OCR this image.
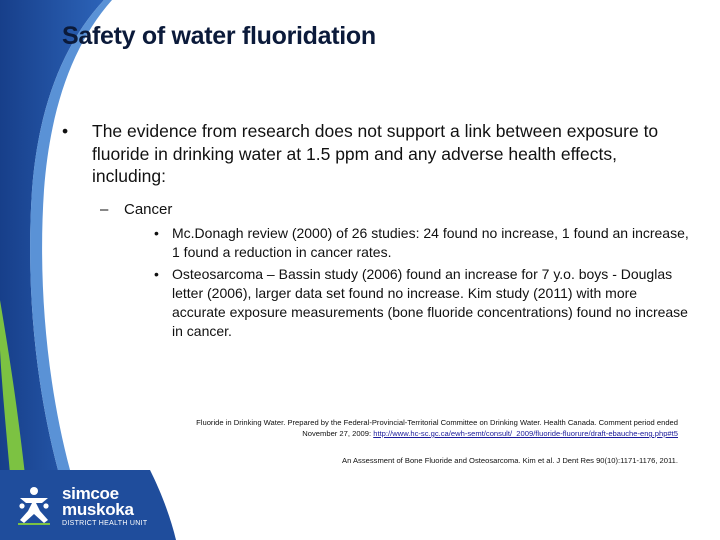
Safety of water fluoridation
• The evidence from research does not support a link between exposure to fluoride in drinking water at 1.5 ppm and any adverse health effects, including:
– Cancer
• Mc.Donagh review (2000) of 26 studies: 24 found no increase, 1 found an increase, 1 found a reduction in cancer rates.
• Osteosarcoma – Bassin study (2006) found an increase for 7 y.o. boys - Douglas letter (2006), larger data set found no increase. Kim study (2011) with more accurate exposure measurements (bone fluoride concentrations) found no increase in cancer.
Fluoride in Drinking Water. Prepared by the Federal-Provincial-Territorial Committee on Drinking Water. Health Canada. Comment period ended November 27, 2009: http://www.hc-sc.gc.ca/ewh-semt/consult/_2009/fluoride-fluorure/draft-ebauche-eng.php#t5
An Assessment of Bone Fluoride and Osteosarcoma. Kim et al. J Dent Res 90(10):1171-1176, 2011.
simcoe
muskoka
DISTRICT HEALTH UNIT
